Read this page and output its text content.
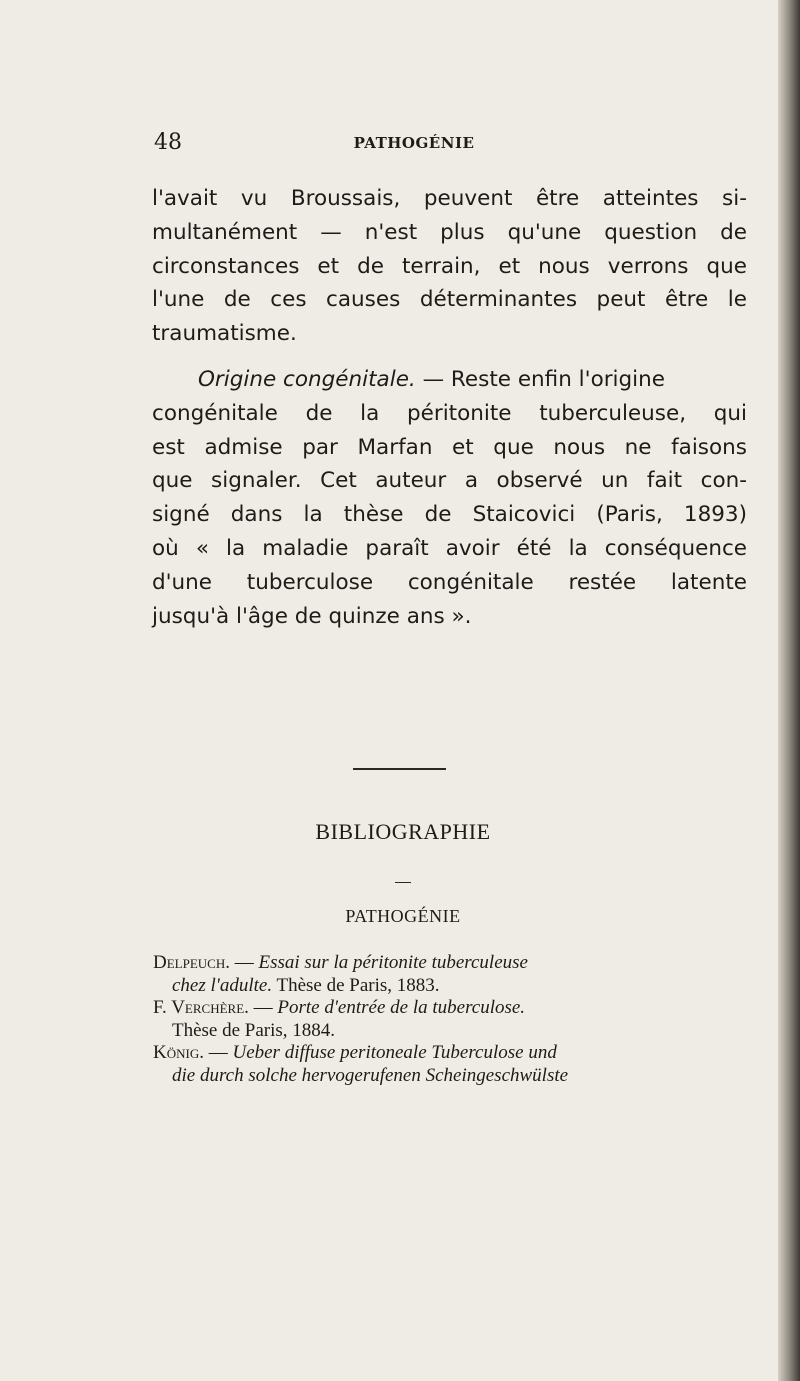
48	PATHOGÉNIE
l'avait vu Broussais, peuvent être atteintes si-
multanément — n'est plus qu'une question de
circonstances et de terrain, et nous verrons que
l'une de ces causes déterminantes peut être le
traumatisme.
Origine congénitale. — Reste enfin l'origine
congénitale de la péritonite tuberculeuse, qui
est admise par Marfan et que nous ne faisons
que signaler. Cet auteur a observé un fait con-
signé dans la thèse de Staicovici (Paris, 1893)
où « la maladie paraît avoir été la conséquence
d'une tuberculose congénitale restée latente
jusqu'à l'âge de quinze ans ».
BIBLIOGRAPHIE
PATHOGÉNIE

Delpeuch. — Essai sur la péritonite tuberculeuse
chez l'adulte. Thèse de Paris, 1883.

F. Verchère. — Porte d'entrée de la tuberculose.
Thèse de Paris, 1884.

König. — Ueber diffuse peritoneale Tuberculose und
die durch solche hervogerufenen Scheingeschwülste
